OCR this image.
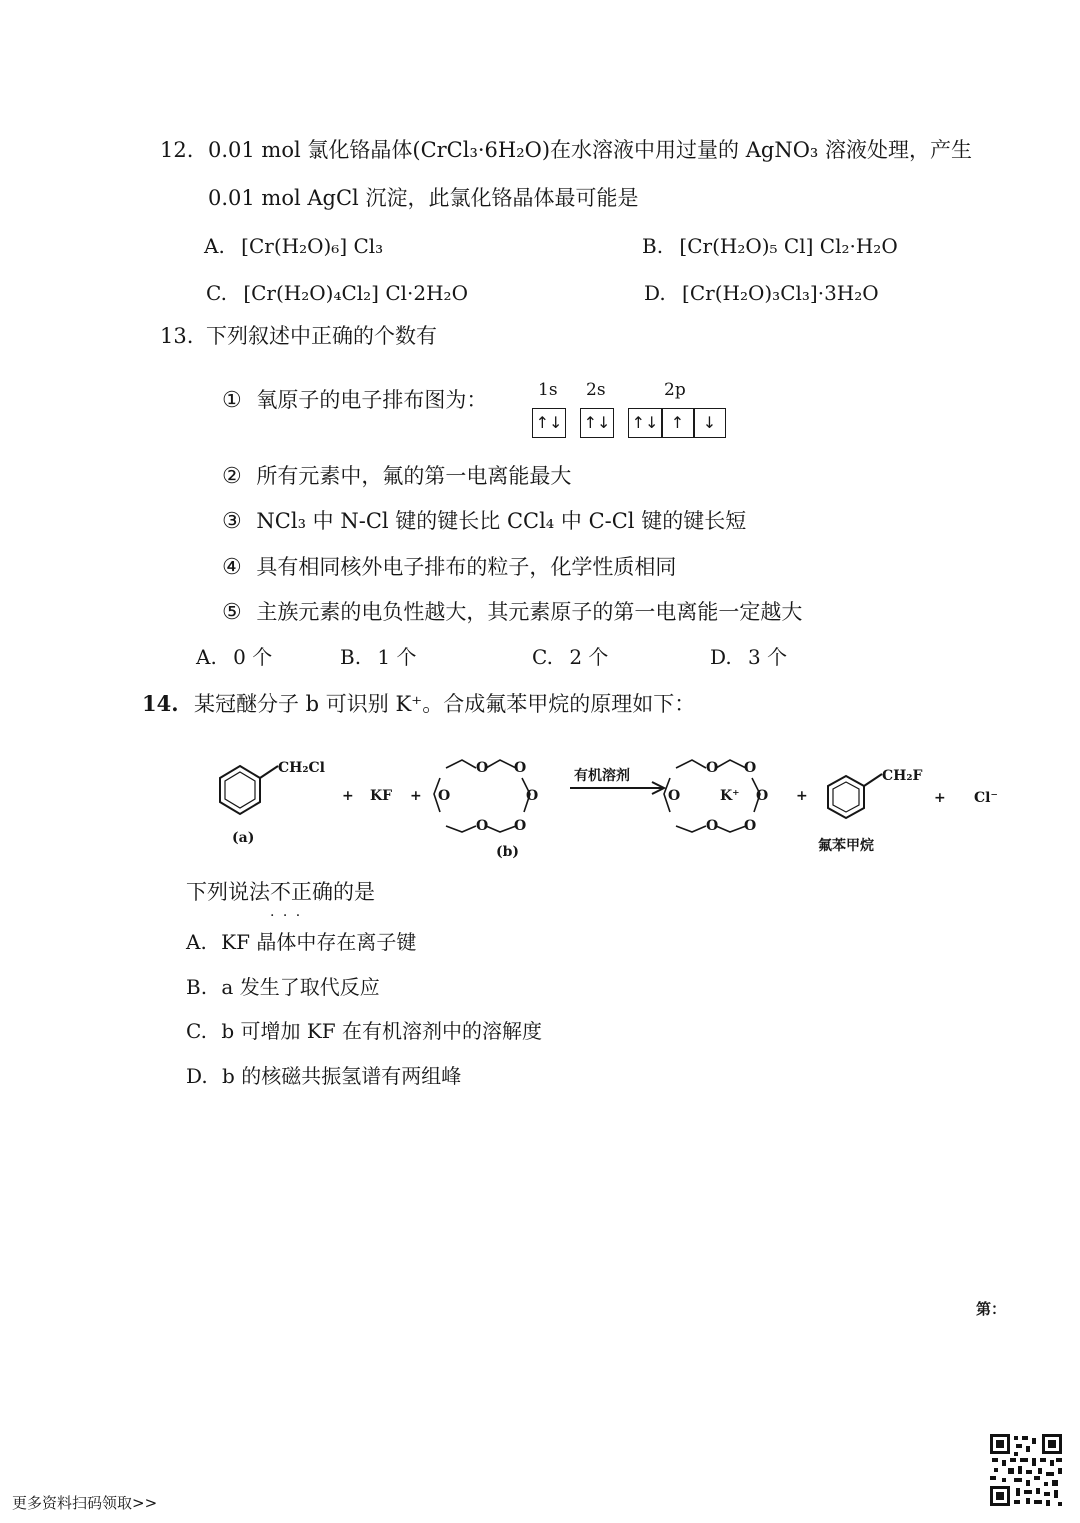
12. 0.01 mol 氯化铬晶体(CrCl₃·6H₂O)在水溶液中用过量的 AgNO₃ 溶液处理，产生
0.01 mol AgCl 沉淀，此氯化铬晶体最可能是
A. [Cr(H₂O)₆] Cl₃	B. [Cr(H₂O)₅ Cl] Cl₂·H₂O
C. [Cr(H₂O)₄Cl₂] Cl·2H₂O	D. [Cr(H₂O)₃Cl₃]·3H₂O
13. 下列叙述中正确的个数有
① 氧原子的电子排布图为：	1s 2s	2p
↑↓ ↑↓ ↑↓ ↑	↓
② 所有元素中，氟的第一电离能最大
③ NCl₃ 中 N-Cl 键的键长比 CCl₄ 中 C-Cl 键的键长短
④ 具有相同核外电子排布的粒子，化学性质相同
⑤ 主族元素的电负性越大，其元素原子的第一电离能一定越大
A. 0 个	B. 1 个	C. 2 个	D. 3 个
14. 某冠醚分子 b 可识别 K⁺。合成氟苯甲烷的原理如下：
CH₂Cl
(a)
+ KF +
O O
O
O
O
O
(b)
有机溶剂	O O
O
O
O
O	K⁺	+
CH₂F
氟苯甲烷
+ Cl⁻
下列说法不正确 · · ·的是
A. KF 晶体中存在离子键
B. a 发生了取代反应
C. b 可增加 KF 在有机溶剂中的溶解度
D. b 的核磁共振氢谱有两组峰
第：
更多资料扫码领取>>
